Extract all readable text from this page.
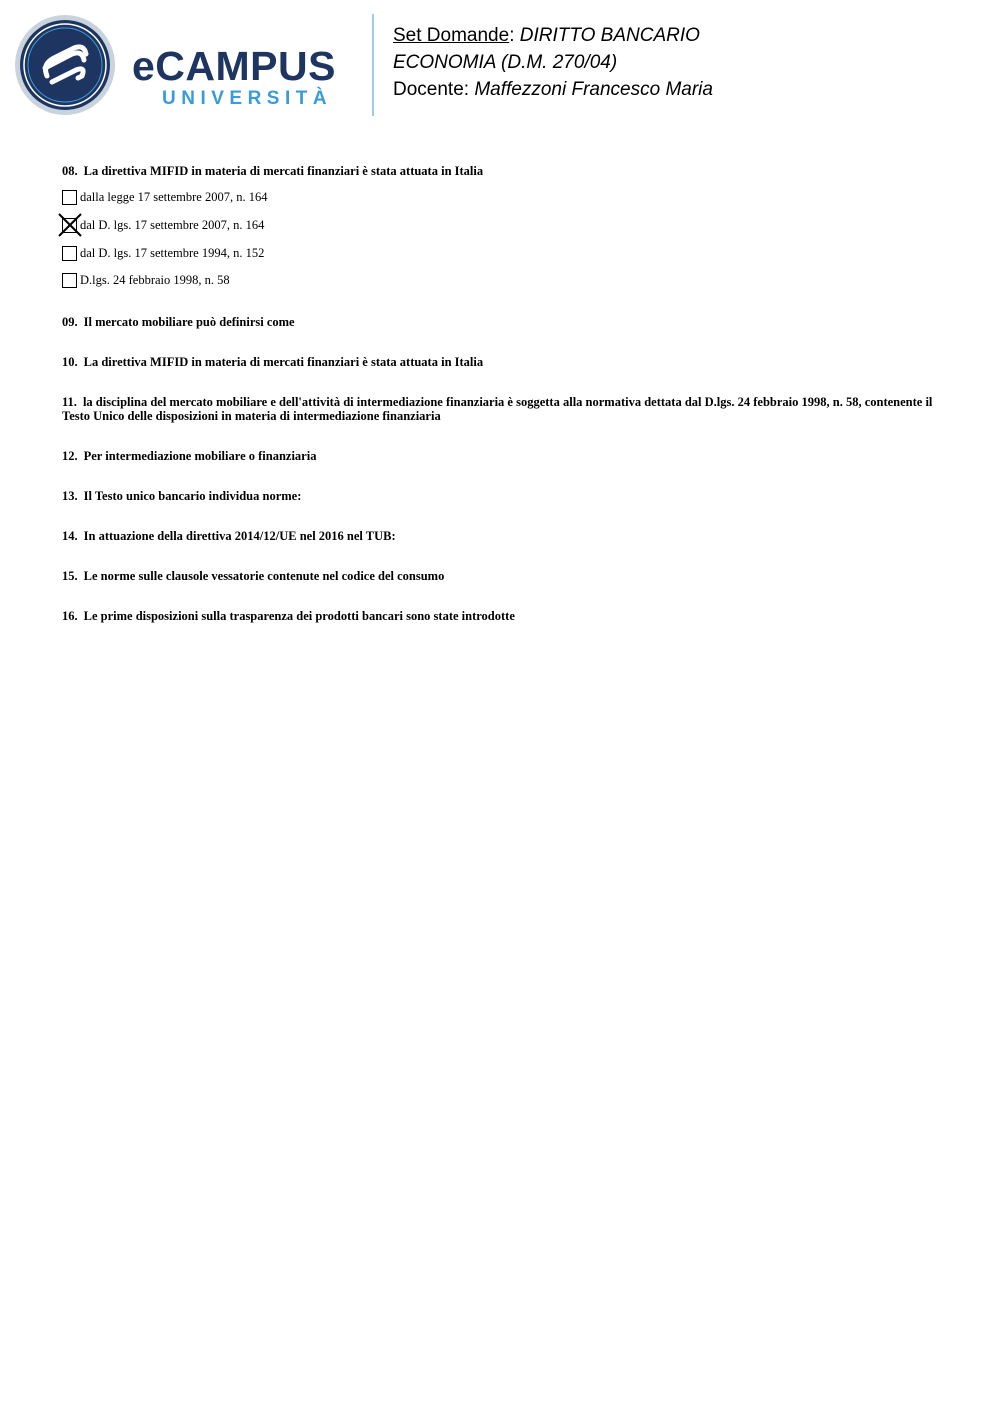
eCAMPUS
UNIVERSITÀ
Set Domande: DIRITTO BANCARIO
ECONOMIA (D.M. 270/04)
Docente: Maffezzoni Francesco Maria
08. La direttiva MIFID in materia di mercati finanziari è stata attuata in Italia
dalla legge 17 settembre 2007, n. 164
dal D. lgs. 17 settembre 2007, n. 164
dal D. lgs. 17 settembre 1994, n. 152
D.lgs. 24 febbraio 1998, n. 58
09. Il mercato mobiliare può definirsi come
10. La direttiva MIFID in materia di mercati finanziari è stata attuata in Italia
11. la disciplina del mercato mobiliare e dell'attività di intermediazione finanziaria è soggetta alla normativa dettata dal D.lgs. 24 febbraio 1998, n. 58, contenente il Testo Unico delle disposizioni in materia di intermediazione finanziaria
12. Per intermediazione mobiliare o finanziaria
13. Il Testo unico bancario individua norme:
14. In attuazione della direttiva 2014/12/UE nel 2016 nel TUB:
15. Le norme sulle clausole vessatorie contenute nel codice del consumo
16. Le prime disposizioni sulla trasparenza dei prodotti bancari sono state introdotte
